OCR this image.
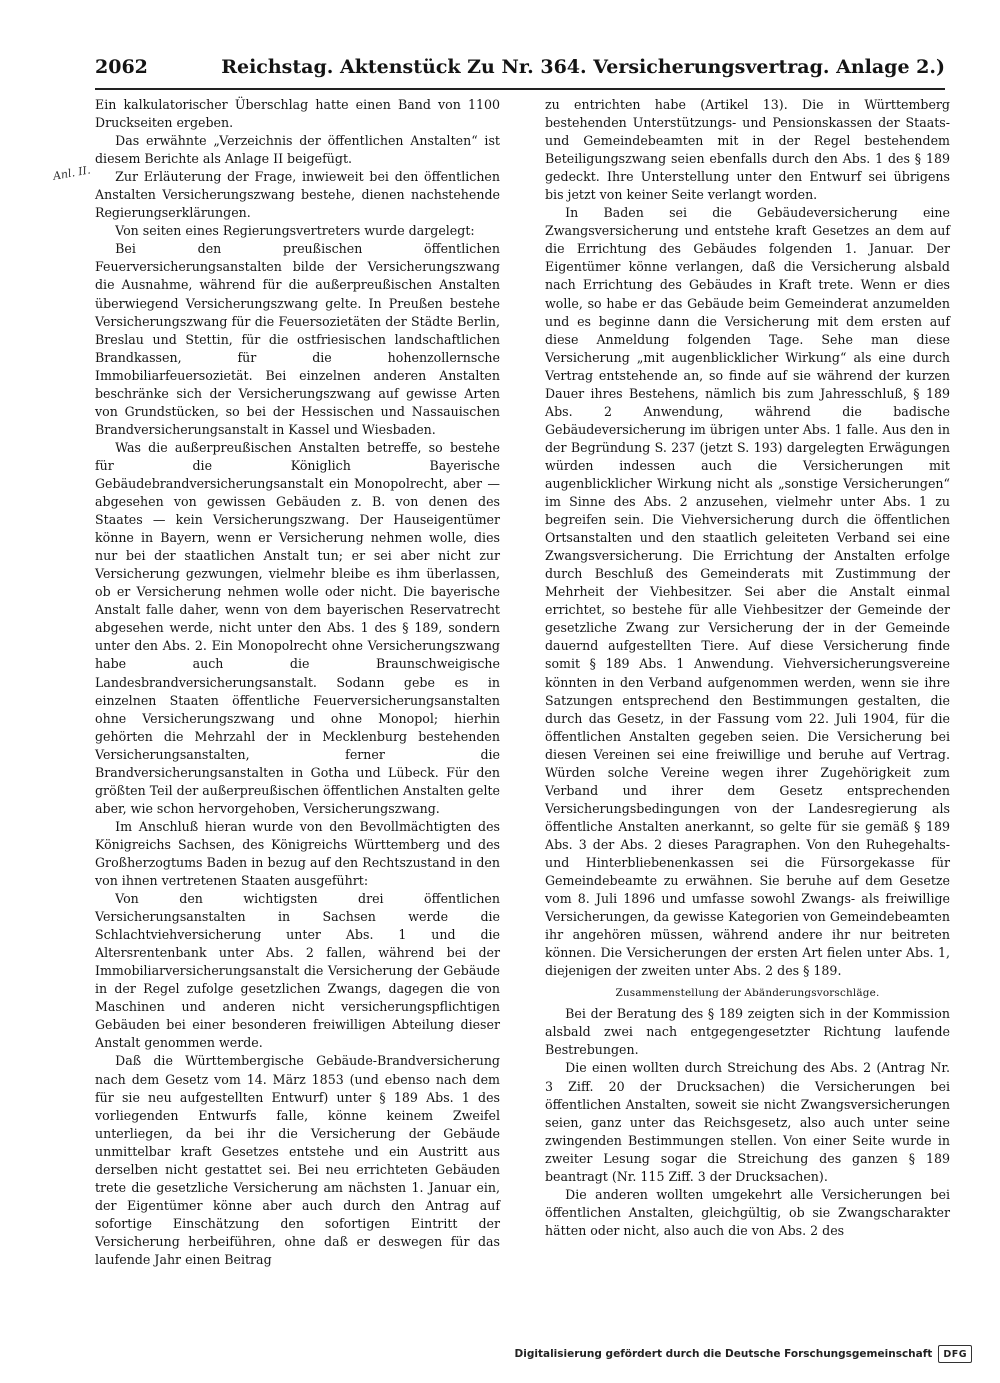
2062	Reichstag. Aktenstück Zu Nr. 364. Versicherungsvertrag. Anlage 2.)
Anl. II.

Ein kalkulatorischer Überschlag hatte einen Band von 1100 Druckseiten ergeben.

Das erwähnte „Verzeichnis der öffentlichen Anstalten“ ist diesem Berichte als Anlage II beigefügt.

Zur Erläuterung der Frage, inwieweit bei den öffentlichen Anstalten Versicherungszwang bestehe, dienen nachstehende Regierungserklärungen.

Von seiten eines Regierungsvertreters wurde dargelegt:

Bei den preußischen öffentlichen Feuerversicherungsanstalten bilde der Versicherungszwang die Ausnahme, während für die außerpreußischen Anstalten überwiegend Versicherungszwang gelte. In Preußen bestehe Versicherungszwang für die Feuersozietäten der Städte Berlin, Breslau und Stettin, für die ostfriesischen landschaftlichen Brandkassen, für die hohenzollernsche Immobiliarfeuersozietät. Bei einzelnen anderen Anstalten beschränke sich der Versicherungszwang auf gewisse Arten von Grundstücken, so bei der Hessischen und Nassauischen Brandversicherungsanstalt in Kassel und Wiesbaden.

Was die außerpreußischen Anstalten betreffe, so bestehe für die Königlich Bayerische Gebäudebrandversicherungsanstalt ein Monopolrecht, aber — abgesehen von gewissen Gebäuden z. B. von denen des Staates — kein Versicherungszwang. Der Hauseigentümer könne in Bayern, wenn er Versicherung nehmen wolle, dies nur bei der staatlichen Anstalt tun; er sei aber nicht zur Versicherung gezwungen, vielmehr bleibe es ihm überlassen, ob er Versicherung nehmen wolle oder nicht. Die bayerische Anstalt falle daher, wenn von dem bayerischen Reservatrecht abgesehen werde, nicht unter den Abs. 1 des § 189, sondern unter den Abs. 2. Ein Monopolrecht ohne Versicherungszwang habe auch die Braunschweigische Landesbrandversicherungsanstalt. Sodann gebe es in einzelnen Staaten öffentliche Feuerversicherungsanstalten ohne Versicherungszwang und ohne Monopol; hierhin gehörten die Mehrzahl der in Mecklenburg bestehenden Versicherungsanstalten, ferner die Brandversicherungsanstalten in Gotha und Lübeck. Für den größten Teil der außerpreußischen öffentlichen Anstalten gelte aber, wie schon hervorgehoben, Versicherungszwang.

Im Anschluß hieran wurde von den Bevollmächtigten des Königreichs Sachsen, des Königreichs Württemberg und des Großherzogtums Baden in bezug auf den Rechtszustand in den von ihnen vertretenen Staaten ausgeführt:

Von den wichtigsten drei öffentlichen Versicherungsanstalten in Sachsen werde die Schlachtviehversicherung unter Abs. 1 und die Altersrentenbank unter Abs. 2 fallen, während bei der Immobiliarversicherungsanstalt die Versicherung der Gebäude in der Regel zufolge gesetzlichen Zwangs, dagegen die von Maschinen und anderen nicht versicherungspflichtigen Gebäuden bei einer besonderen freiwilligen Abteilung dieser Anstalt genommen werde.

Daß die Württembergische Gebäude-Brandversicherung nach dem Gesetz vom 14. März 1853 (und ebenso nach dem für sie neu aufgestellten Entwurf) unter § 189 Abs. 1 des vorliegenden Entwurfs falle, könne keinem Zweifel unterliegen, da bei ihr die Versicherung der Gebäude unmittelbar kraft Gesetzes entstehe und ein Austritt aus derselben nicht gestattet sei. Bei neu errichteten Gebäuden trete die gesetzliche Versicherung am nächsten 1. Januar ein, der Eigentümer könne aber auch durch den Antrag auf sofortige Einschätzung den sofortigen Eintritt der Versicherung herbeiführen, ohne daß er deswegen für das laufende Jahr einen Beitrag

zu entrichten habe (Artikel 13). Die in Württemberg bestehenden Unterstützungs- und Pensionskassen der Staats- und Gemeindebeamten mit in der Regel bestehendem Beteiligungszwang seien ebenfalls durch den Abs. 1 des § 189 gedeckt. Ihre Unterstellung unter den Entwurf sei übrigens bis jetzt von keiner Seite verlangt worden.

In Baden sei die Gebäudeversicherung eine Zwangsversicherung und entstehe kraft Gesetzes an dem auf die Errichtung des Gebäudes folgenden 1. Januar. Der Eigentümer könne verlangen, daß die Versicherung alsbald nach Errichtung des Gebäudes in Kraft trete. Wenn er dies wolle, so habe er das Gebäude beim Gemeinderat anzumelden und es beginne dann die Versicherung mit dem ersten auf diese Anmeldung folgenden Tage. Sehe man diese Versicherung „mit augenblicklicher Wirkung“ als eine durch Vertrag entstehende an, so finde auf sie während der kurzen Dauer ihres Bestehens, nämlich bis zum Jahresschluß, § 189 Abs. 2 Anwendung, während die badische Gebäudeversicherung im übrigen unter Abs. 1 falle. Aus den in der Begründung S. 237 (jetzt S. 193) dargelegten Erwägungen würden indessen auch die Versicherungen mit augenblicklicher Wirkung nicht als „sonstige Versicherungen“ im Sinne des Abs. 2 anzusehen, vielmehr unter Abs. 1 zu begreifen sein. Die Viehversicherung durch die öffentlichen Ortsanstalten und den staatlich geleiteten Verband sei eine Zwangsversicherung. Die Errichtung der Anstalten erfolge durch Beschluß des Gemeinderats mit Zustimmung der Mehrheit der Viehbesitzer. Sei aber die Anstalt einmal errichtet, so bestehe für alle Viehbesitzer der Gemeinde der gesetzliche Zwang zur Versicherung der in der Gemeinde dauernd aufgestellten Tiere. Auf diese Versicherung finde somit § 189 Abs. 1 Anwendung. Viehversicherungsvereine könnten in den Verband aufgenommen werden, wenn sie ihre Satzungen entsprechend den Bestimmungen gestalten, die durch das Gesetz, in der Fassung vom 22. Juli 1904, für die öffentlichen Anstalten gegeben seien. Die Versicherung bei diesen Vereinen sei eine freiwillige und beruhe auf Vertrag. Würden solche Vereine wegen ihrer Zugehörigkeit zum Verband und ihrer dem Gesetz entsprechenden Versicherungsbedingungen von der Landesregierung als öffentliche Anstalten anerkannt, so gelte für sie gemäß § 189 Abs. 3 der Abs. 2 dieses Paragraphen. Von den Ruhegehalts- und Hinterbliebenenkassen sei die Fürsorgekasse für Gemeindebeamte zu erwähnen. Sie beruhe auf dem Gesetze vom 8. Juli 1896 und umfasse sowohl Zwangs- als freiwillige Versicherungen, da gewisse Kategorien von Gemeindebeamten ihr angehören müssen, während andere ihr nur beitreten können. Die Versicherungen der ersten Art fielen unter Abs. 1, diejenigen der zweiten unter Abs. 2 des § 189.

Zusammenstellung der Abänderungsvorschläge.

Bei der Beratung des § 189 zeigten sich in der Kommission alsbald zwei nach entgegengesetzter Richtung laufende Bestrebungen.

Die einen wollten durch Streichung des Abs. 2 (Antrag Nr. 3 Ziff. 20 der Drucksachen) die Versicherungen bei öffentlichen Anstalten, soweit sie nicht Zwangsversicherungen seien, ganz unter das Reichsgesetz, also auch unter seine zwingenden Bestimmungen stellen. Von einer Seite wurde in zweiter Lesung sogar die Streichung des ganzen § 189 beantragt (Nr. 115 Ziff. 3 der Drucksachen).

Die anderen wollten umgekehrt alle Versicherungen bei öffentlichen Anstalten, gleichgültig, ob sie Zwangscharakter hätten oder nicht, also auch die von Abs. 2 des

Digitalisierung gefördert durch die Deutsche Forschungsgemeinschaft DFG
